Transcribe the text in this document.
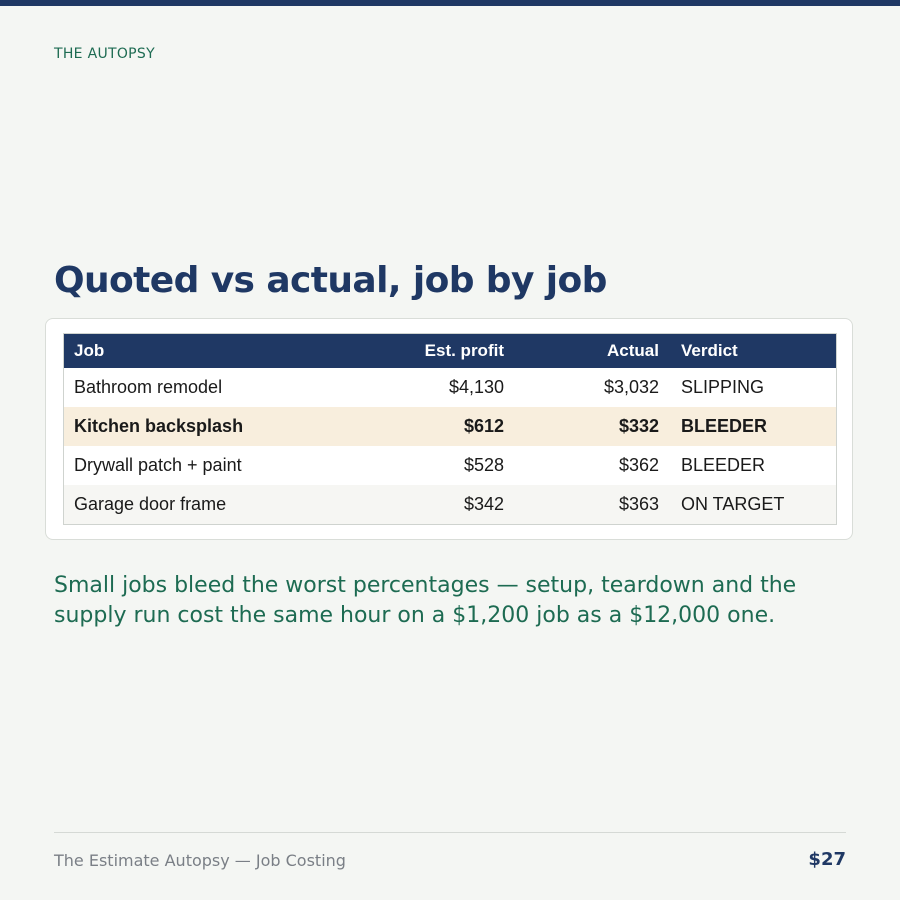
THE AUTOPSY

Quoted vs actual, job by job
Job	Est. profit	Actual	Verdict
Bathroom remodel	$4,130	$3,032	SLIPPING
Kitchen backsplash	$612	$332	BLEEDER
Drywall patch + paint	$528	$362	BLEEDER
Garage door frame	$342	$363	ON TARGET

Small jobs bleed the worst percentages — setup, teardown and the supply run cost the same hour on a $1,200 job as a $12,000 one.

The Estimate Autopsy — Job Costing	$27
